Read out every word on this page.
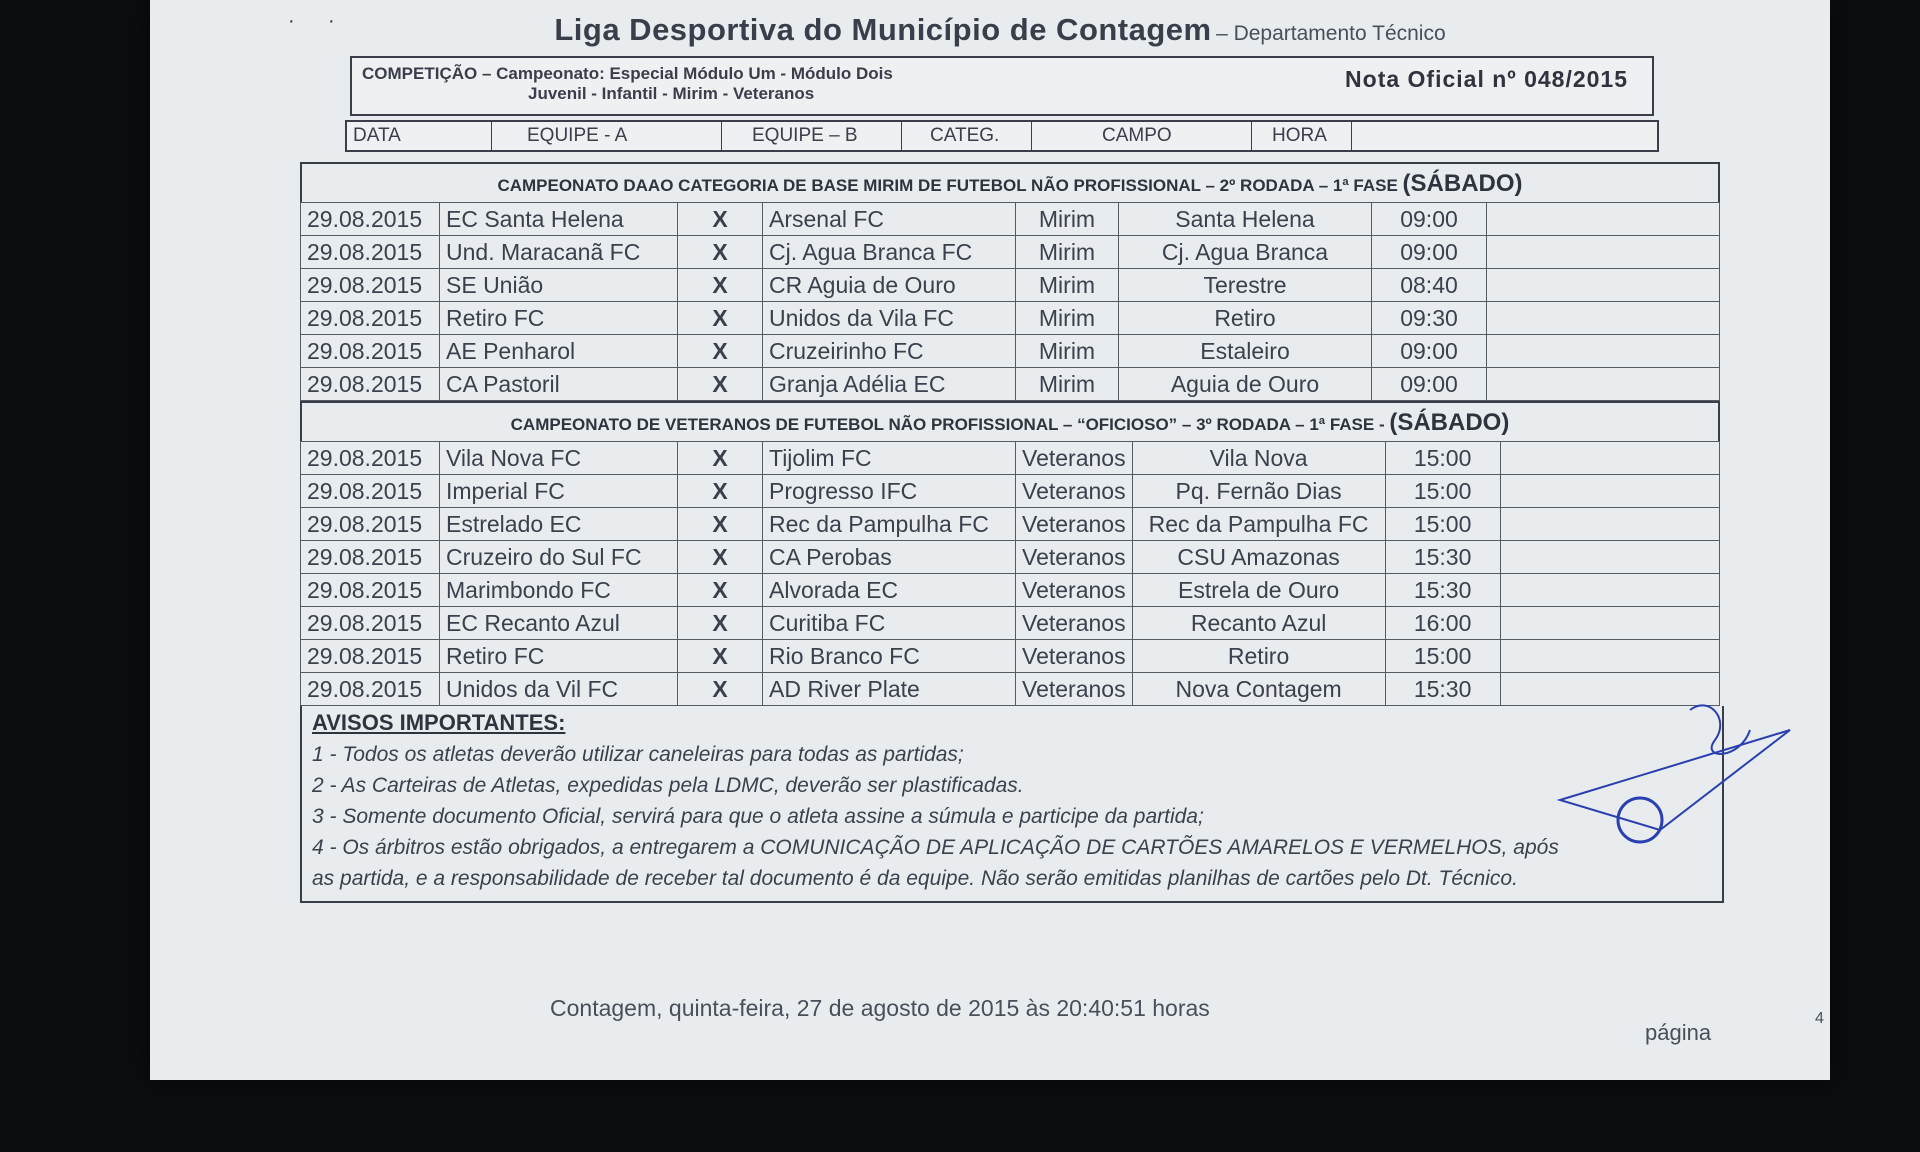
·      ·	Liga Desportiva do Município de Contagem – Departamento Técnico
COMPETIÇÃO – Campeonato: Especial Módulo Um - Módulo Dois
Juvenil - Infantil - Mirim - Veteranos
Nota Oficial nº 048/2015
DATA	EQUIPE - A	EQUIPE – B	CATEG.	CAMPO	HORA
CAMPEONATO DAAO CATEGORIA DE BASE MIRIM DE FUTEBOL NÃO PROFISSIONAL – 2º RODADA – 1ª FASE (SÁBADO)
29.08.2015	EC Santa Helena	X	Arsenal FC	Mirim	Santa Helena	09:00	
29.08.2015	Und. Maracanã FC	X	Cj. Agua Branca FC	Mirim	Cj. Agua Branca	09:00	
29.08.2015	SE União	X	CR Aguia de Ouro	Mirim	Terestre	08:40	
29.08.2015	Retiro FC	X	Unidos da Vila FC	Mirim	Retiro	09:30	
29.08.2015	AE Penharol	X	Cruzeirinho FC	Mirim	Estaleiro	09:00	
29.08.2015	CA Pastoril	X	Granja Adélia EC	Mirim	Aguia de Ouro	09:00	
CAMPEONATO DE VETERANOS DE FUTEBOL NÃO PROFISSIONAL – “OFICIOSO” – 3º RODADA – 1ª FASE - (SÁBADO)
29.08.2015	Vila Nova FC	X	Tijolim FC	Veteranos	Vila Nova	15:00	
29.08.2015	Imperial FC	X	Progresso IFC	Veteranos	Pq. Fernão Dias	15:00	
29.08.2015	Estrelado EC	X	Rec da Pampulha FC	Veteranos	Rec da Pampulha FC	15:00	
29.08.2015	Cruzeiro do Sul FC	X	CA Perobas	Veteranos	CSU Amazonas	15:30	
29.08.2015	Marimbondo FC	X	Alvorada EC	Veteranos	Estrela de Ouro	15:30	
29.08.2015	EC Recanto Azul	X	Curitiba FC	Veteranos	Recanto Azul	16:00	
29.08.2015	Retiro FC	X	Rio Branco FC	Veteranos	Retiro	15:00	
29.08.2015	Unidos da Vil FC	X	AD River Plate	Veteranos	Nova Contagem	15:30	
AVISOS IMPORTANTES:
1 - Todos os atletas deverão utilizar caneleiras para todas as partidas;
2 - As Carteiras de Atletas, expedidas pela LDMC, deverão ser plastificadas.
3 - Somente documento Oficial, servirá para que o atleta assine a súmula e participe da partida;
4 - Os árbitros estão obrigados, a entregarem a COMUNICAÇÃO DE APLICAÇÃO DE CARTÕES AMARELOS E VERMELHOS, após
as partida, e a responsabilidade de receber tal documento é da equipe. Não serão emitidas planilhas de cartões pelo Dt. Técnico.
Contagem, quinta-feira, 27 de agosto de 2015 às 20:40:51 horas
página
4
